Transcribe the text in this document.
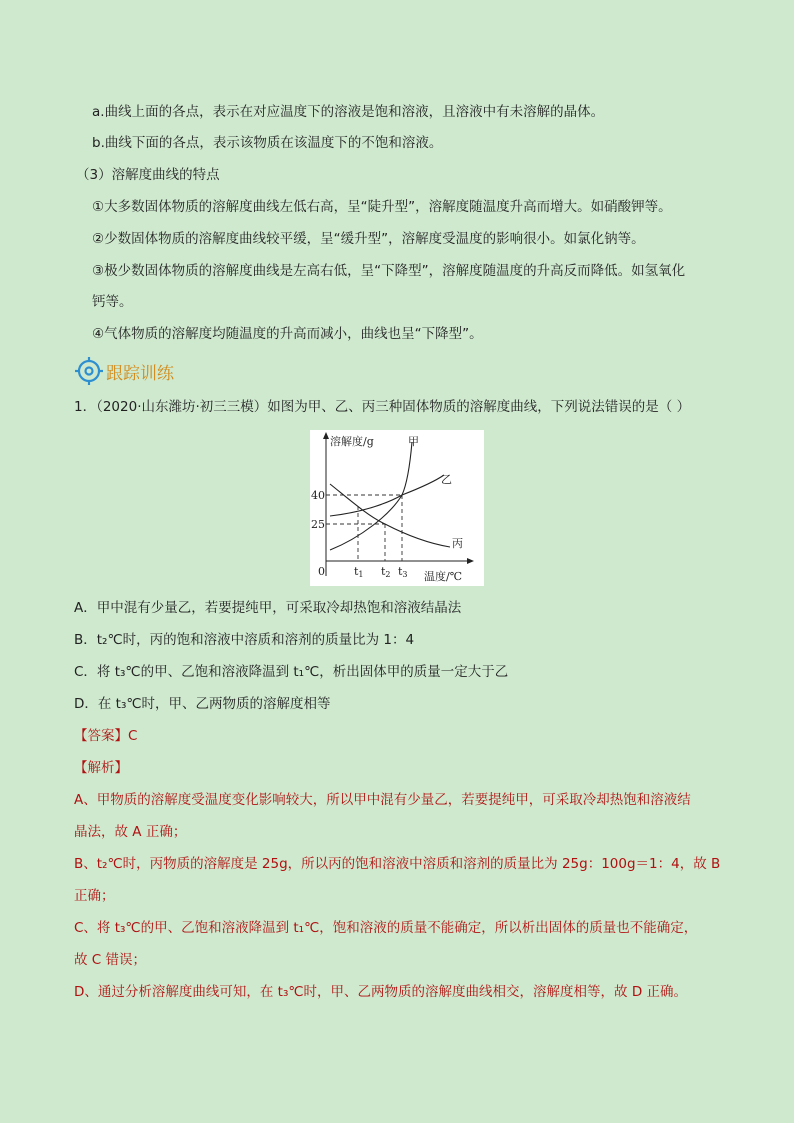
a.曲线上面的各点，表示在对应温度下的溶液是饱和溶液，且溶液中有未溶解的晶体。
b.曲线下面的各点，表示该物质在该温度下的不饱和溶液。
（3）溶解度曲线的特点
①大多数固体物质的溶解度曲线左低右高，呈“陡升型”，溶解度随温度升高而增大。如硝酸钾等。
②少数固体物质的溶解度曲线较平缓，呈“缓升型”，溶解度受温度的影响很小。如氯化钠等。
③极少数固体物质的溶解度曲线是左高右低，呈“下降型”，溶解度随温度的升高反而降低。如氢氧化
钙等。
④气体物质的溶解度均随温度的升高而减小，曲线也呈“下降型”。
跟踪训练
1．（2020·山东潍坊·初三三模）如图为甲、乙、丙三种固体物质的溶解度曲线，下列说法错误的是（ ）
溶解度/g	甲
乙
丙
40
25
0	t1 t2 t3 温度/℃
A．甲中混有少量乙，若要提纯甲，可采取冷却热饱和溶液结晶法
B．t₂℃时，丙的饱和溶液中溶质和溶剂的质量比为 1：4
C．将 t₃℃的甲、乙饱和溶液降温到 t₁℃，析出固体甲的质量一定大于乙
D．在 t₃℃时，甲、乙两物质的溶解度相等
【答案】C
【解析】
A、甲物质的溶解度受温度变化影响较大，所以甲中混有少量乙，若要提纯甲，可采取冷却热饱和溶液结
晶法，故 A 正确；
B、t₂℃时，丙物质的溶解度是 25g，所以丙的饱和溶液中溶质和溶剂的质量比为 25g：100g＝1：4，故 B
正确；
C、将 t₃℃的甲、乙饱和溶液降温到 t₁℃，饱和溶液的质量不能确定，所以析出固体的质量也不能确定，
故 C 错误；
D、通过分析溶解度曲线可知，在 t₃℃时，甲、乙两物质的溶解度曲线相交，溶解度相等，故 D 正确。
